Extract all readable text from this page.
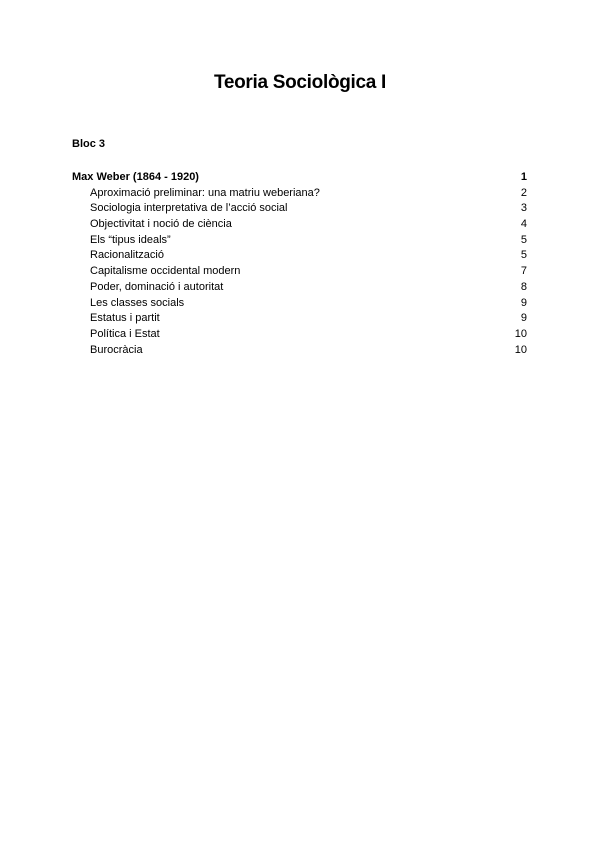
Teoria Sociològica I
Bloc 3
Max Weber (1864 - 1920)	1
Aproximació preliminar: una matriu weberiana?	2
Sociologia interpretativa de l’acció social	3
Objectivitat i noció de ciència	4
Els “tipus ideals”	5
Racionalització	5
Capitalisme occidental modern	7
Poder, dominació i autoritat	8
Les classes socials	9
Estatus i partit	9
Política i Estat	10
Burocràcia	10
